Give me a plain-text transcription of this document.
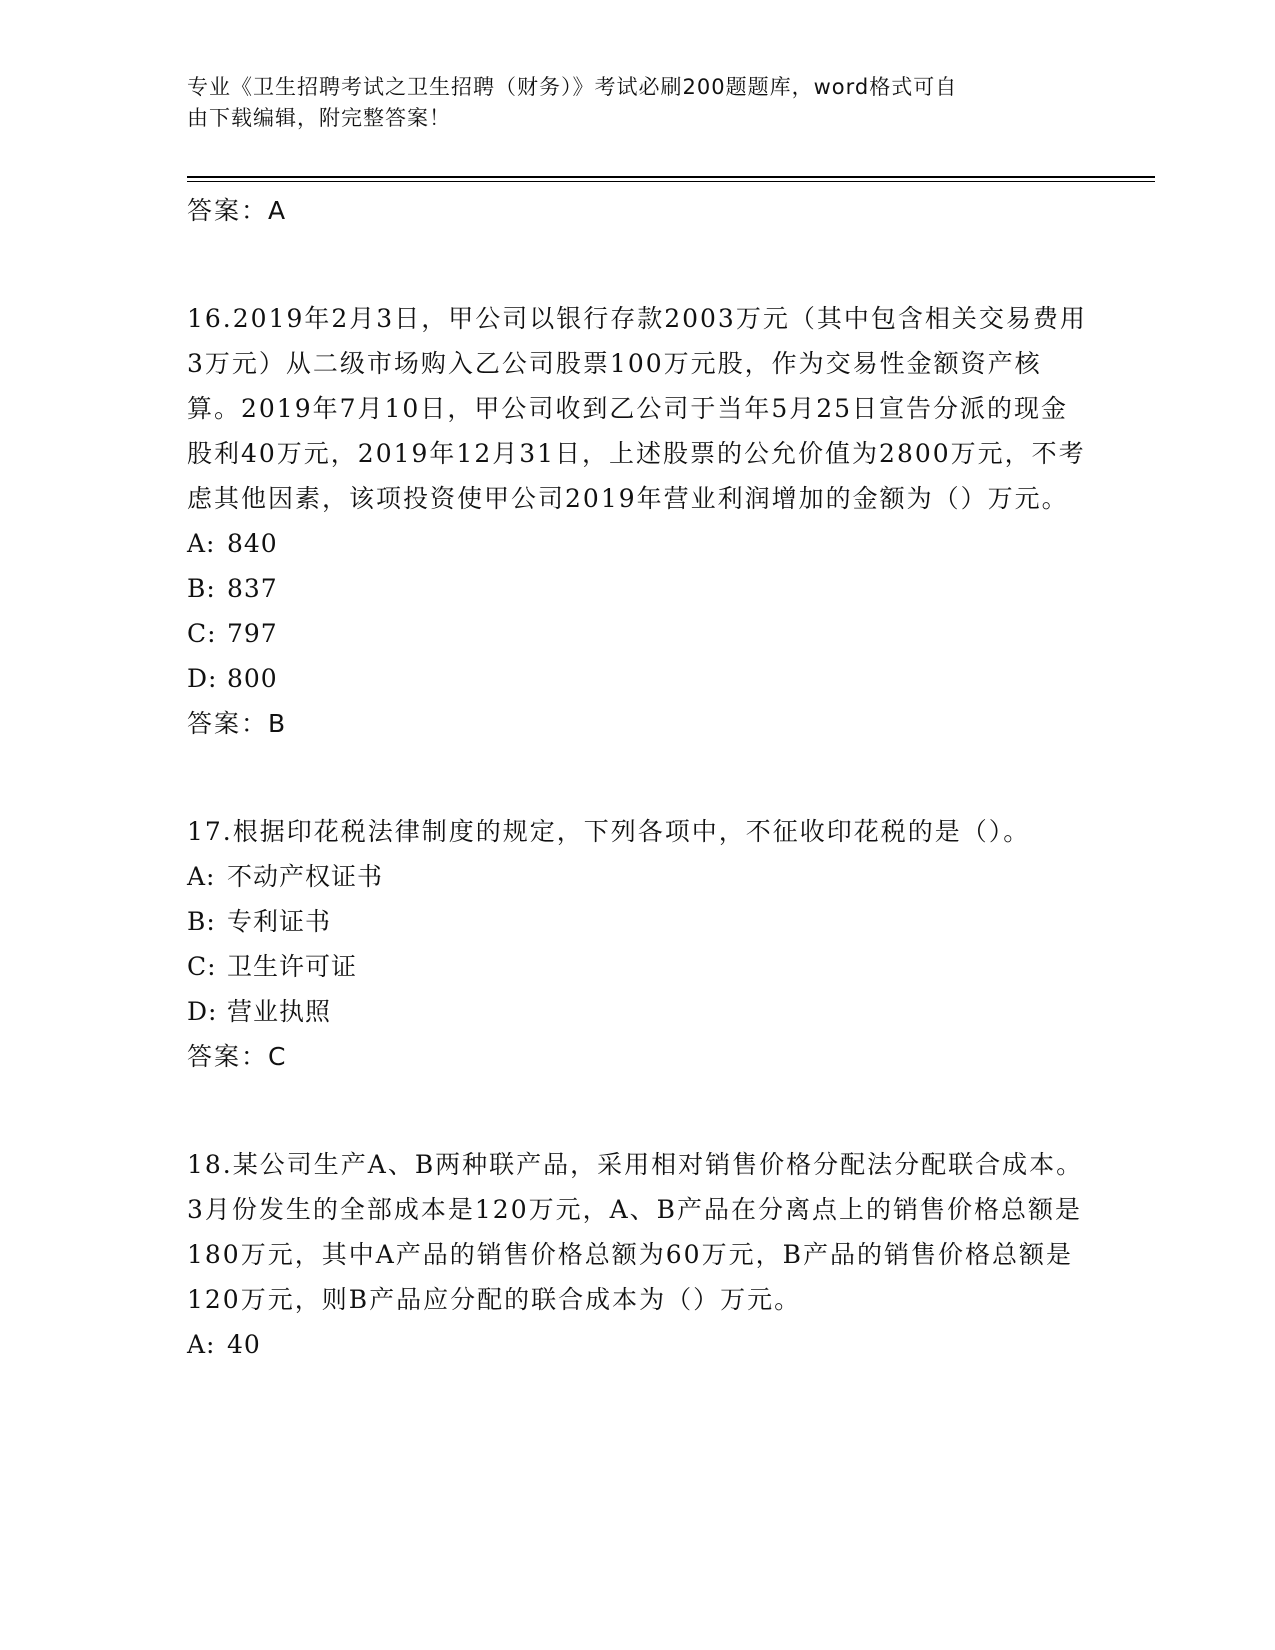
专业《卫生招聘考试之卫生招聘（财务）》考试必刷200题题库，word格式可自
由下载编辑，附完整答案！
答案：A

16.2019年2月3日，甲公司以银行存款2003万元（其中包含相关交易费用3万元）从二级市场购入乙公司股票100万元股，作为交易性金额资产核算。2019年7月10日，甲公司收到乙公司于当年5月25日宣告分派的现金股利40万元，2019年12月31日，上述股票的公允价值为2800万元，不考虑其他因素，该项投资使甲公司2019年营业利润增加的金额为（）万元。

A: 840
B: 837
C: 797
D: 800
答案：B

17.根据印花税法律制度的规定，下列各项中，不征收印花税的是（）。

A: 不动产权证书
B: 专利证书
C: 卫生许可证
D: 营业执照
答案：C

18.某公司生产A、B两种联产品，采用相对销售价格分配法分配联合成本。3月份发生的全部成本是120万元，A、B产品在分离点上的销售价格总额是180万元，其中A产品的销售价格总额为60万元，B产品的销售价格总额是120万元，则B产品应分配的联合成本为（）万元。

A: 40
